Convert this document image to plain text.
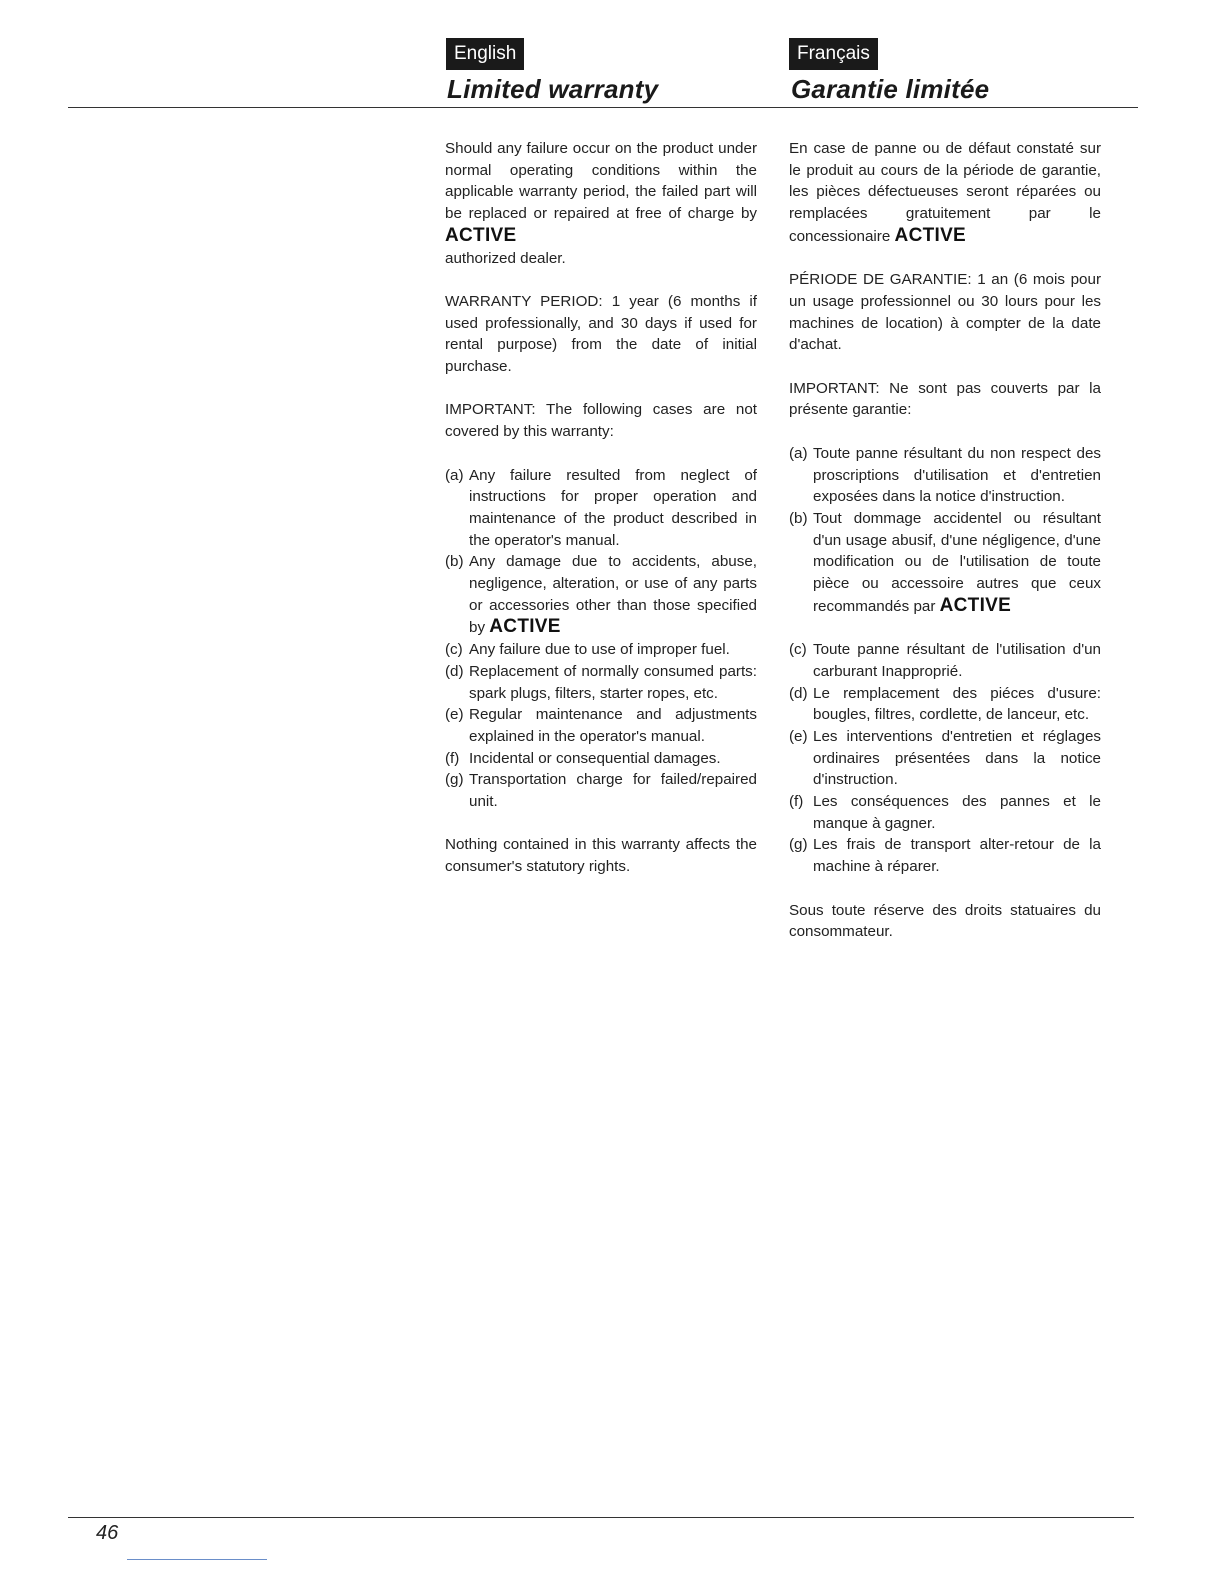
English
Limited warranty
Français
Garantie limitée

Should any failure occur on the product under normal operating conditions within the applicable warranty period, the failed part will be replaced or repaired at free of charge by ACTIVE

authorized dealer.

WARRANTY PERIOD: 1 year (6 months if used professionally, and 30 days if used for rental purpose) from the date of initial purchase.

IMPORTANT: The following cases are not covered by this warranty:

(a) Any failure resulted from neglect of instructions for proper operation and maintenance of the product described in the operator's manual.
(b) Any damage due to accidents, abuse, negligence, alteration, or use of any parts or accessories other than those specified by ACTIVE
(c) Any failure due to use of improper fuel.
(d) Replacement of normally consumed parts: spark plugs, filters, starter ropes, etc.
(e) Regular maintenance and adjustments explained in the operator's manual.
(f) Incidental or consequential damages.
(g) Transportation charge for failed/repaired unit.

Nothing contained in this warranty affects the consumer's statutory rights.

En case de panne ou de défaut constaté sur le produit au cours de la période de garantie, les pièces défectueuses seront réparées ou remplacées gratuitement par le concessionaire ACTIVE

PÉRIODE DE GARANTIE: 1 an (6 mois pour un usage professionnel ou 30 lours pour les machines de location) à compter de la date d'achat.

IMPORTANT: Ne sont pas couverts par la présente garantie:

(a) Toute panne résultant du non respect des proscriptions d'utilisation et d'entretien exposées dans la notice d'instruction.
(b) Tout dommage accidentel ou résultant d'un usage abusif, d'une négligence, d'une modification ou de l'utilisation de toute pièce ou accessoire autres que ceux recommandés par ACTIVE
(c) Toute panne résultant de l'utilisation d'un carburant Inapproprié.
(d) Le remplacement des piéces d'usure: bougles, filtres, cordlette, de lanceur, etc.
(e) Les interventions d'entretien et réglages ordinaires présentées dans la notice d'instruction.
(f) Les conséquences des pannes et le manque à gagner.
(g) Les frais de transport alter-retour de la machine à réparer.

Sous toute réserve des droits statuaires du consommateur.

46
